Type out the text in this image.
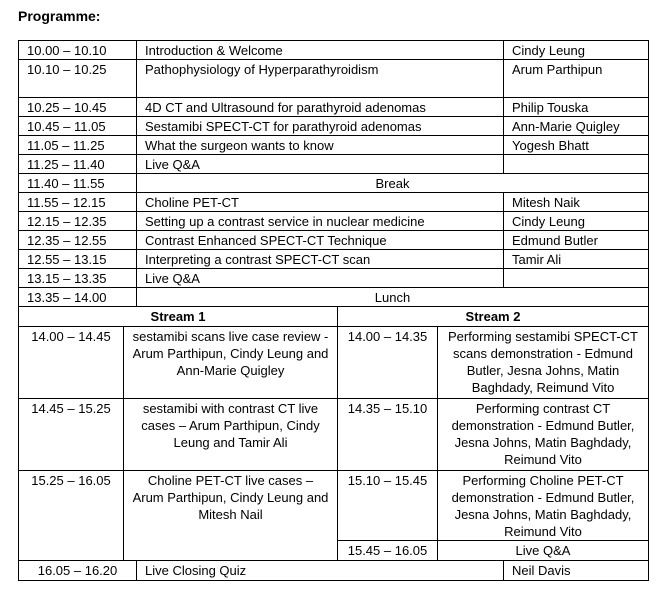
Programme:
10.00 – 10.10		Introduction & Welcome			Cindy Leung
10.10 – 10.25		Pathophysiology of Hyperparathyroidism			Arum Parthipun
10.25 – 10.45		4D CT and Ultrasound for parathyroid adenomas			Philip Touska
10.45 – 11.05		Sestamibi SPECT-CT for parathyroid adenomas			Ann-Marie Quigley
11.05 – 11.25		What the surgeon wants to know			Yogesh Bhatt
11.25 – 11.40		Live Q&A			
11.40 – 11.55		Break			
11.55 – 12.15		Choline PET-CT			Mitesh Naik
12.15 – 12.35		Setting up a contrast service in nuclear medicine			Cindy Leung
12.35 – 12.55		Contrast Enhanced SPECT-CT Technique			Edmund Butler
12.55 – 13.15		Interpreting a contrast SPECT-CT scan			Tamir Ali
13.15 – 13.35		Live Q&A			
13.35 – 14.00		Lunch			
Stream 1			Stream 2		
14.00 – 14.45	sestamibi scans live case review - Arum Parthipun, Cindy Leung and Ann-Marie Quigley		14.00 – 14.35	Performing sestamibi SPECT-CT scans demonstration - Edmund Butler, Jesna Johns, Matin Baghdady, Reimund Vito	
14.45 – 15.25	sestamibi with contrast CT live cases – Arum Parthipun, Cindy Leung and Tamir Ali		14.35 – 15.10	Performing contrast CT demonstration - Edmund Butler, Jesna Johns, Matin Baghdady, Reimund Vito	
15.25 – 16.05	Choline PET-CT live cases – Arum Parthipun, Cindy Leung and Mitesh Nail		15.10 – 15.45	Performing Choline PET-CT demonstration - Edmund Butler, Jesna Johns, Matin Baghdady, Reimund Vito	
			15.45 – 16.05	Live Q&A	
16.05 – 16.20		Live Closing Quiz			Neil Davis
